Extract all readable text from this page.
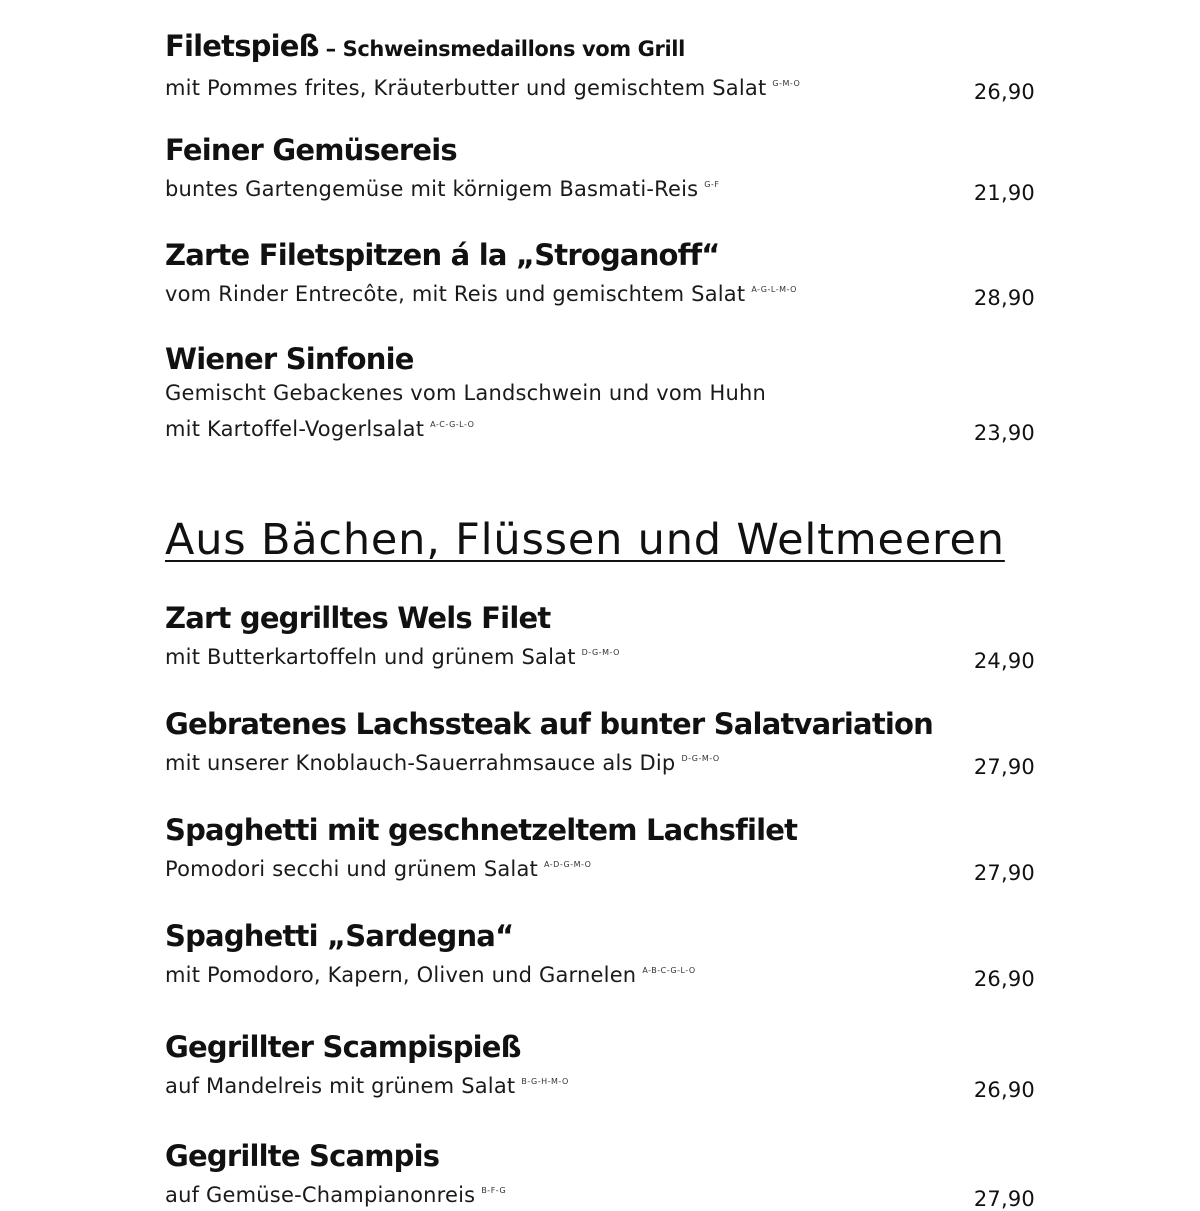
Filetspieß – Schweinsmedaillons vom Grill
mit Pommes frites, Kräuterbutter und gemischtem Salat $^{G-M-O}$	26,90
Feiner Gemüsereis
buntes Gartengemüse mit körnigem Basmati-Reis $^{G-F}$	21,90
Zarte Filetspitzen á la „Stroganoff“
vom Rinder Entrecôte, mit Reis und gemischtem Salat $^{A-G-L-M-O}$	28,90
Wiener Sinfonie
Gemischt Gebackenes vom Landschwein und vom Huhn
mit Kartoffel-Vogerlsalat $^{A-C-G-L-O}$	23,90
Aus Bächen, Flüssen und Weltmeeren
Zart gegrilltes Wels Filet
mit Butterkartoffeln und grünem Salat $^{D-G-M-O}$	24,90
Gebratenes Lachssteak auf bunter Salatvariation
mit unserer Knoblauch-Sauerrahmsauce als Dip $^{D-G-M-O}$	27,90
Spaghetti mit geschnetzeltem Lachsfilet
Pomodori secchi und grünem Salat $^{A-D-G-M-O}$	27,90
Spaghetti „Sardegna“
mit Pomodoro, Kapern, Oliven und Garnelen $^{A-B-C-G-L-O}$	26,90
Gegrillter Scampispieß
auf Mandelreis mit grünem Salat $^{B-G-H-M-O}$	26,90
Gegrillte Scampis
auf Gemüse-Champianonreis $^{B-F-G}$	27,90
